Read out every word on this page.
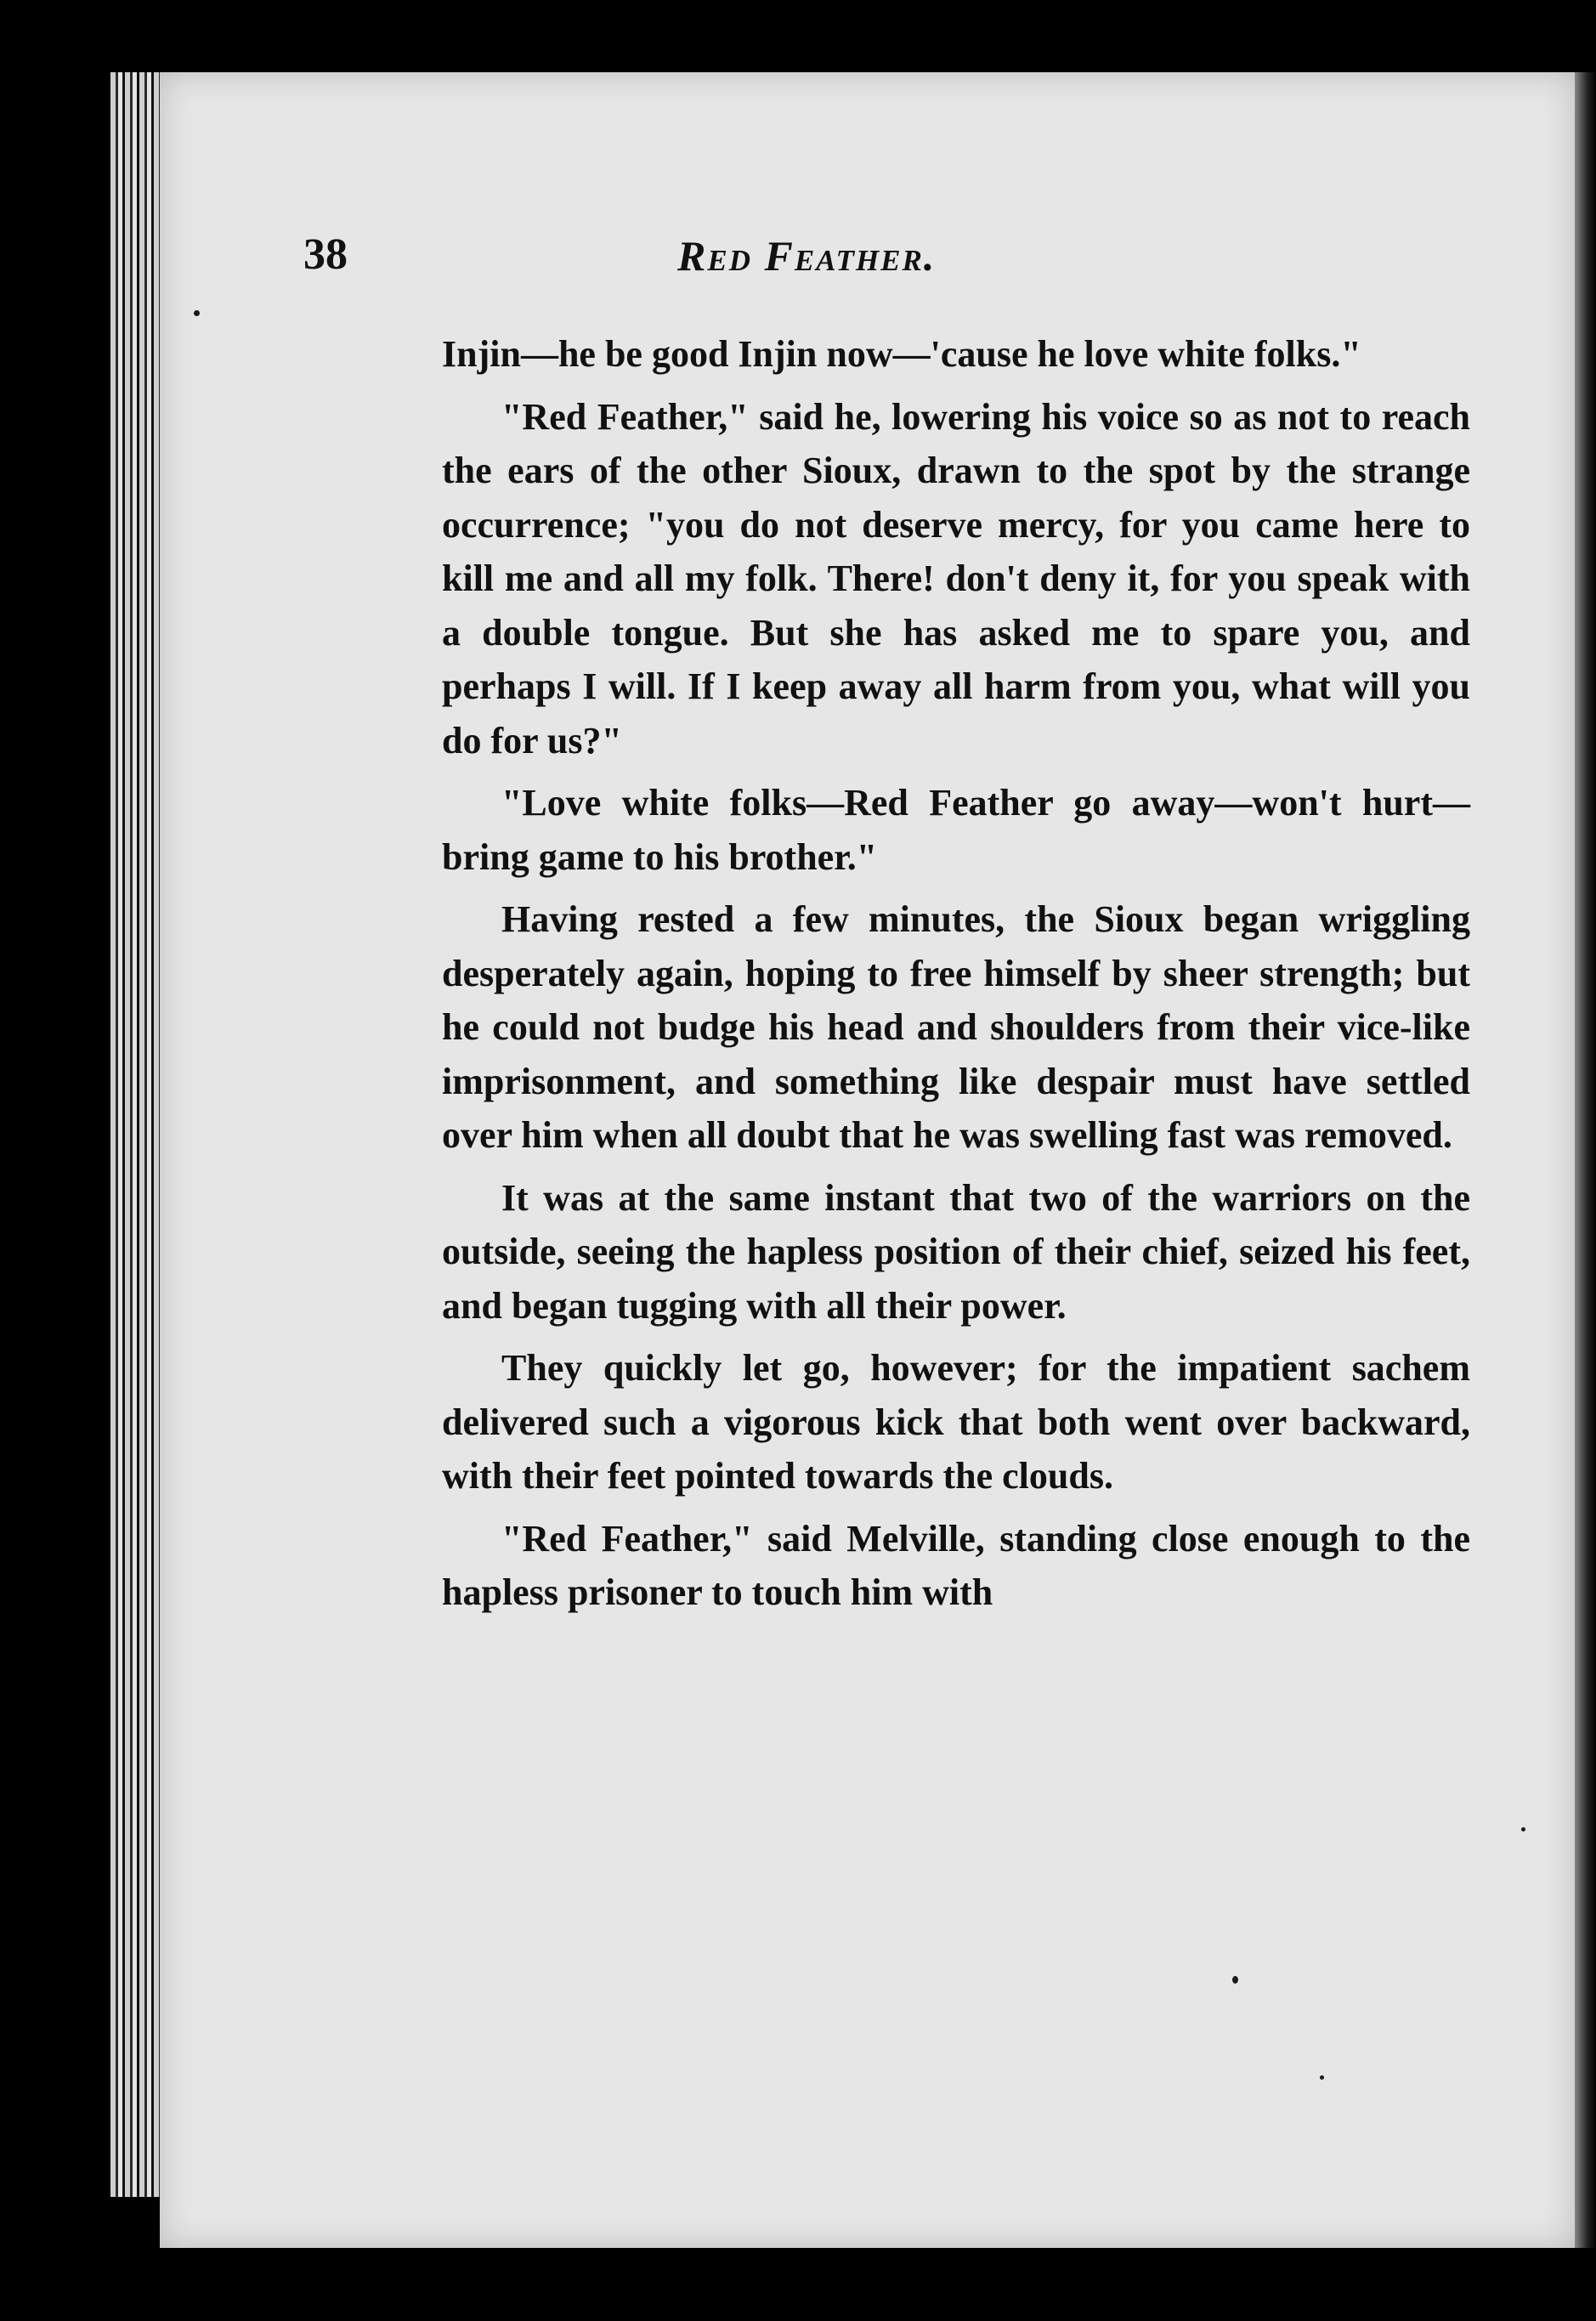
38	Red Feather.

Injin—he be good Injin now—'cause he love white folks."

"Red Feather," said he, lowering his voice so as not to reach the ears of the other Sioux, drawn to the spot by the strange occurrence; "you do not deserve mercy, for you came here to kill me and all my folk. There! don't deny it, for you speak with a double tongue. But she has asked me to spare you, and perhaps I will. If I keep away all harm from you, what will you do for us?"

"Love white folks—Red Feather go away—won't hurt—bring game to his brother."

Having rested a few minutes, the Sioux began wriggling desperately again, hoping to free himself by sheer strength; but he could not budge his head and shoulders from their vice-like imprisonment, and something like despair must have settled over him when all doubt that he was swelling fast was removed.

It was at the same instant that two of the warriors on the outside, seeing the hapless position of their chief, seized his feet, and began tugging with all their power.

They quickly let go, however; for the impatient sachem delivered such a vigorous kick that both went over backward, with their feet pointed towards the clouds.

"Red Feather," said Melville, standing close enough to the hapless prisoner to touch him with
